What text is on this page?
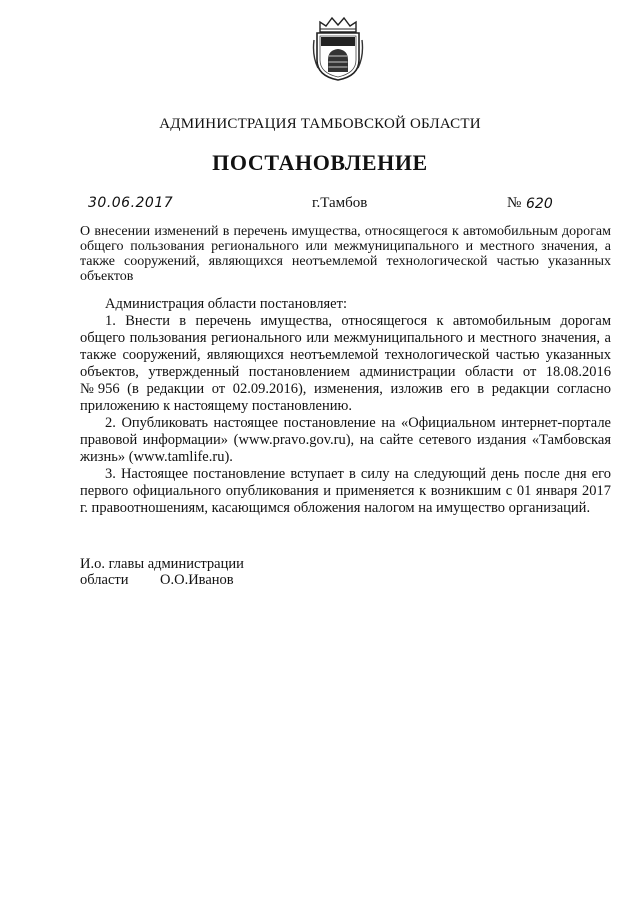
АДМИНИСТРАЦИЯ ТАМБОВСКОЙ ОБЛАСТИ
ПОСТАНОВЛЕНИЕ
30.06.2017	г.Тамбов	№ 620
О внесении изменений в перечень имущества, относящегося к автомобильным дорогам общего пользования регионального или межмуниципального и местного значения, а также сооружений, являющихся неотъемлемой технологической частью указанных объектов

Администрация области постановляет:

1. Внести в перечень имущества, относящегося к автомобильным дорогам общего пользования регионального или межмуниципального и местного значения, а также сооружений, являющихся неотъемлемой технологической частью указанных объектов, утвержденный постановлением администрации области от 18.08.2016 №956 (в редакции от 02.09.2016), изменения, изложив его в редакции согласно приложению к настоящему постановлению.

2. Опубликовать настоящее постановление на «Официальном интернет-портале правовой информации» (www.pravo.gov.ru), на сайте сетевого издания «Тамбовская жизнь» (www.tamlife.ru).

3. Настоящее постановление вступает в силу на следующий день после дня его первого официального опубликования и применяется к возникшим с 01 января 2017 г. правоотношениям, касающимся обложения налогом на имущество организаций.

И.о. главы администрации
области	О.О.Иванов
